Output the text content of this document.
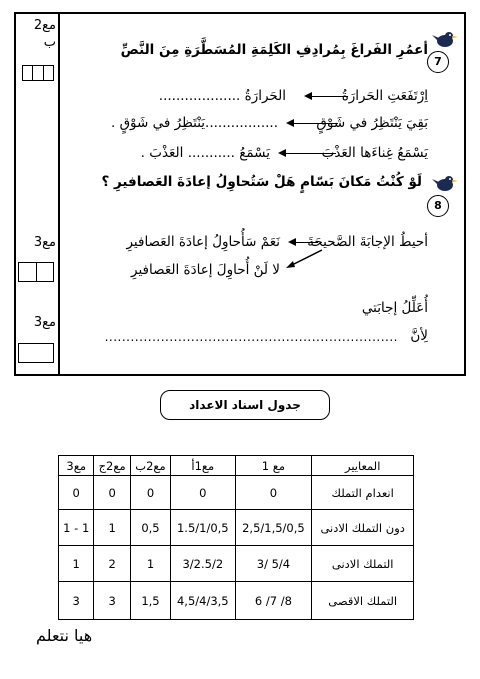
مع2
ب
مع3
مع3
7
أعمُرِ الفَراغَ بِمُرادِفِ الكَلِمَةِ المُسَطَّرَةِ مِنَ النَّصِّ
اِرْتَفَعَتِ الحَرارَةُ
الحَرارَةُ ...................
بَقِيَ يَنْتَظِرُ في شَوْقٍ
.................يَنْتَظِرُ في شَوْقٍ .
يَسْمَعُ غِناءَها العَذْبَ
يَسْمَعُ ........... العَذْبَ .
8
لَوْ كُنْتُ مَكانَ بَسّامٍ هَلْ سَتُحاوِلُ إعادَةَ العَصافيرِ ؟
أحيطُ الإجابَةَ الصَّحيحَةَ
نَعَمْ سَأُحاوِلُ إعادَةَ العَصافيرِ
لا لَنْ أُحاوِلَ إعادَةَ العَصافيرِ
أُعَلِّلُ إجابَتي
لِأنَّ
....................................................................
جدول اسناد الاعداد
المعايير	مع 1	مع1أ	مع2ب	مع2ج	مع3
انعدام التملك	0	0	0	0	0
دون التملك الادنى	2,5/1,5/0,5	1.5/1/0,5	0,5	1	1 - 1
التملك الادنى	5/4 /3	3/2.5/2	1	2	1
التملك الاقصى	8/ 7/ 6	4,5/4/3,5	1,5	3	3
هيا نتعلم
